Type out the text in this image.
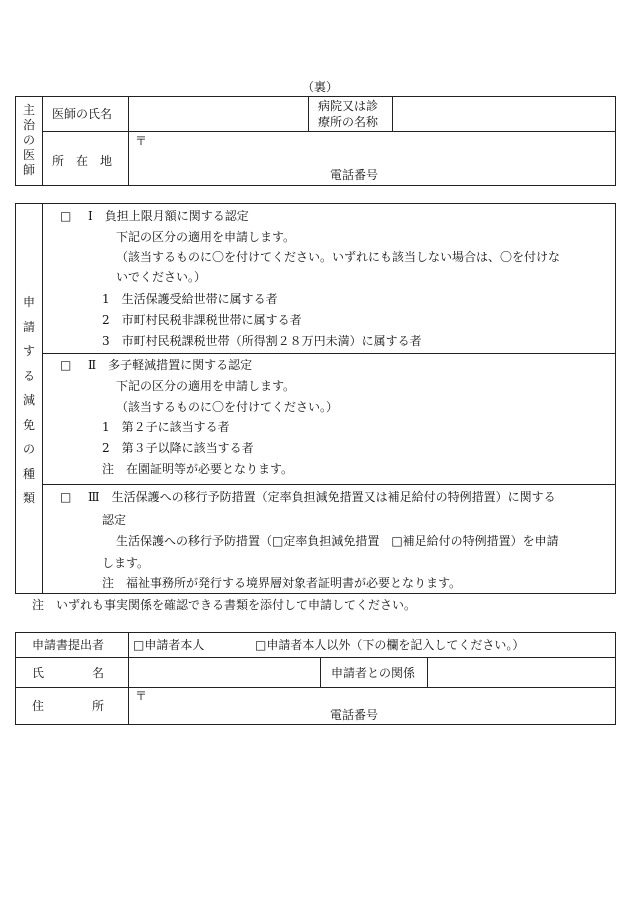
（裏）
主
治
の
医
師
医師の氏名
病院又は診
療所の名称
所　在　地
〒
電話番号
申
請
す
る
減
免
の
種
類
□ Ⅰ　負担上限月額に関する認定
下記の区分の適用を申請します。
（該当するものに〇を付けてください。いずれにも該当しない場合は、〇を付けな
いでください。）
1　生活保護受給世帯に属する者
2　市町村民税非課税世帯に属する者
3　市町村民税課税世帯（所得割２８万円未満）に属する者
□ Ⅱ　多子軽減措置に関する認定
下記の区分の適用を申請します。
（該当するものに〇を付けてください。）
1　第２子に該当する者
2　第３子以降に該当する者
注　在園証明等が必要となります。
□ Ⅲ　生活保護への移行予防措置（定率負担減免措置又は補足給付の特例措置）に関する
認定
生活保護への移行予防措置（□定率負担減免措置　□補足給付の特例措置）を申請
します。
注　福祉事務所が発行する境界層対象者証明書が必要となります。
注　いずれも事実関係を確認できる書類を添付して申請してください。
申請書提出者 □申請者本人	□申請者本人以外（下の欄を記入してください。）
氏　　　　名	申請者との関係
住　　　　所
〒
電話番号
